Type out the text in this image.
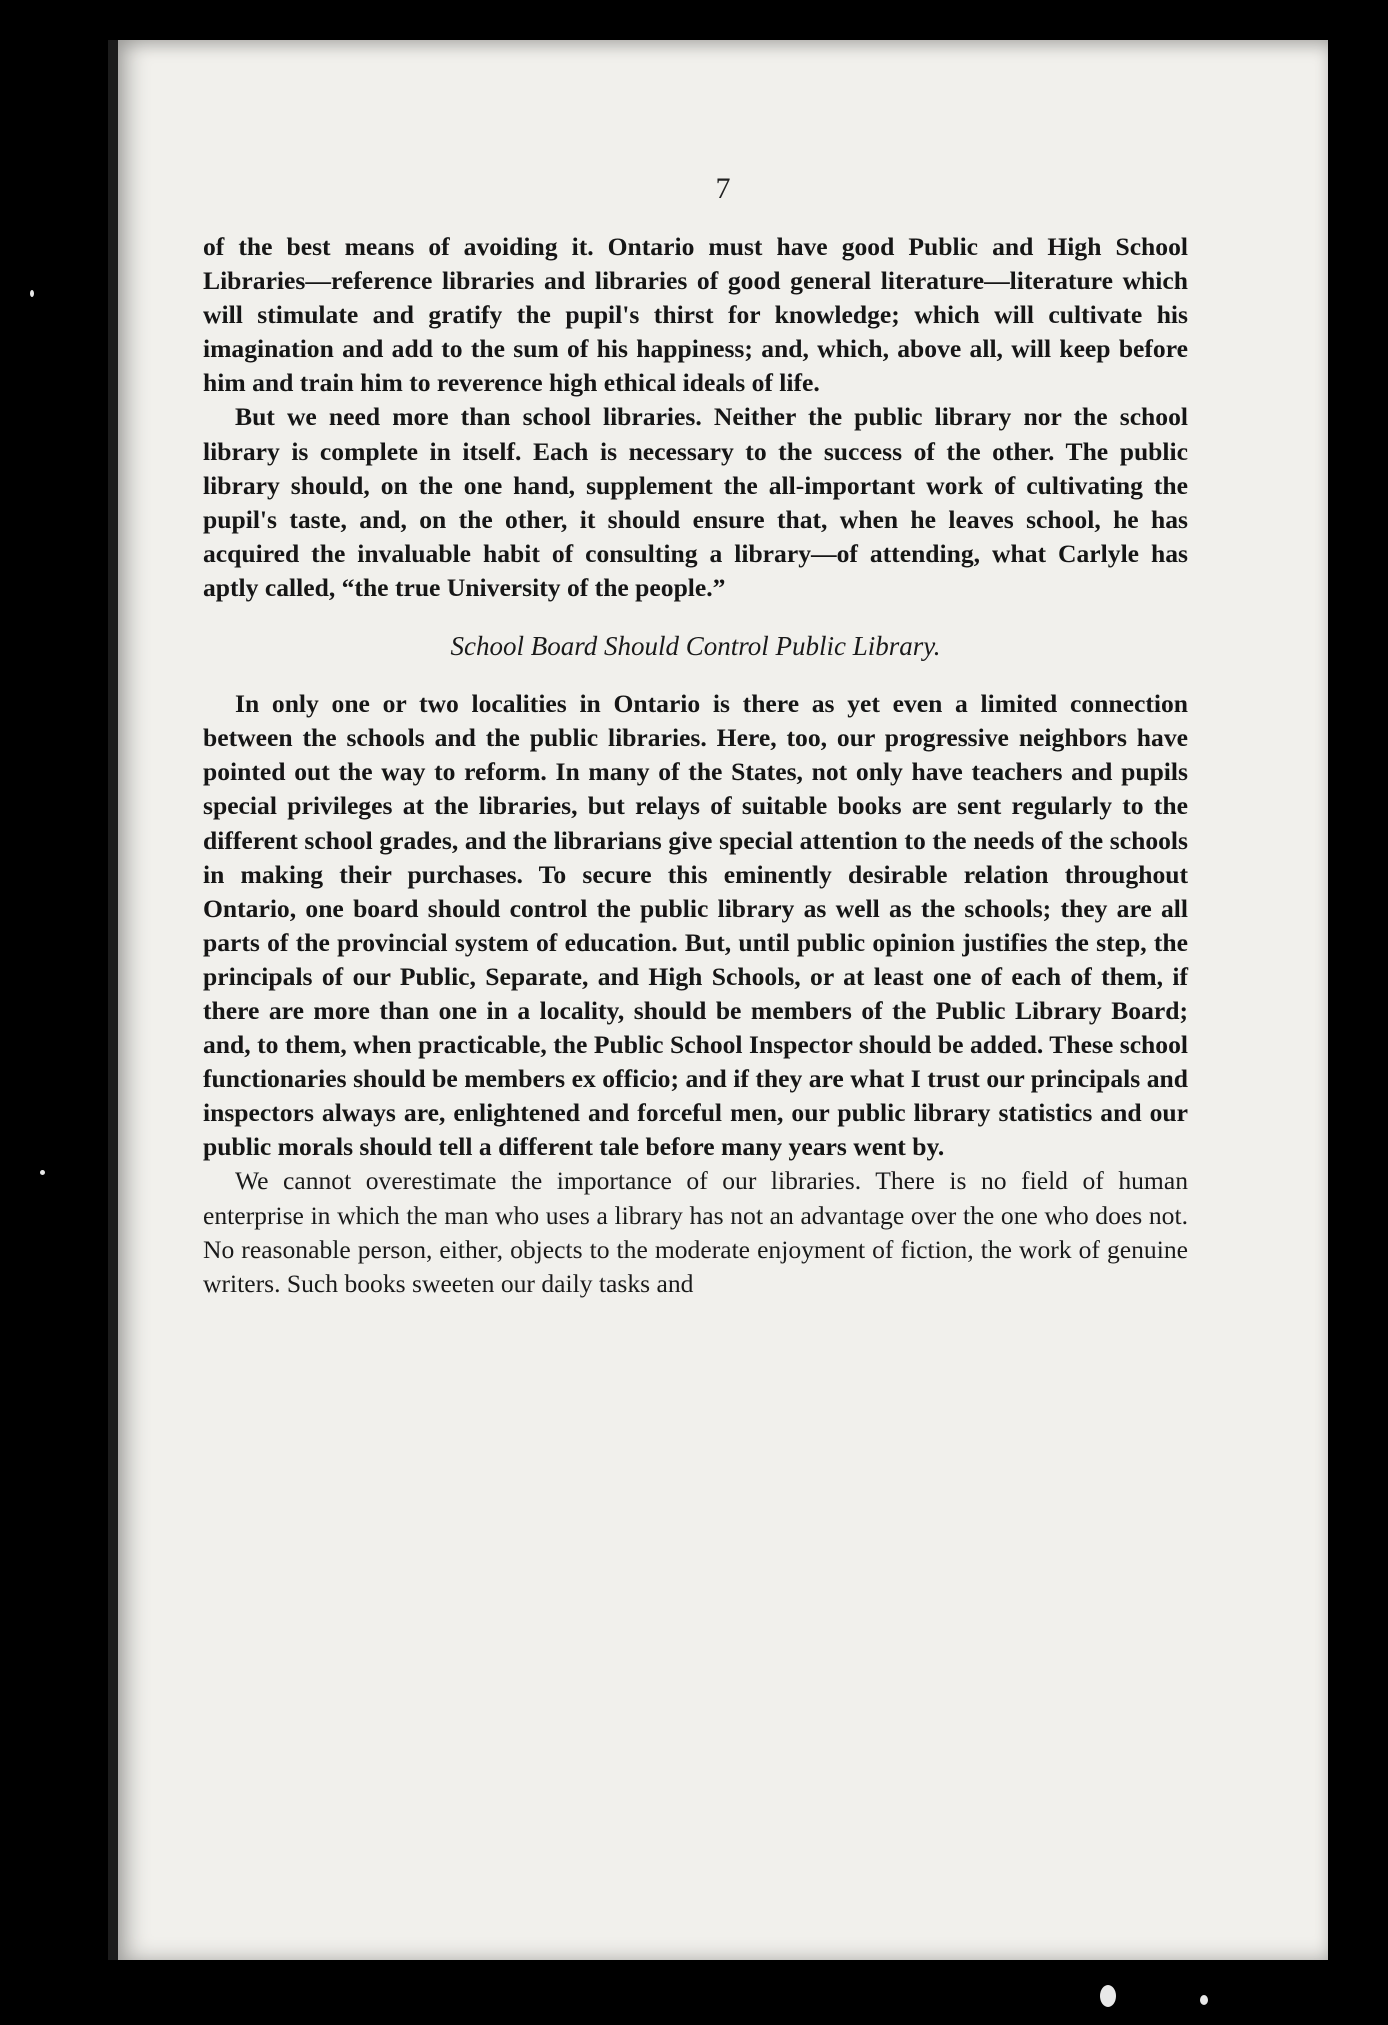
7

of the best means of avoiding it. Ontario must have good Public and High School Libraries—reference libraries and libraries of good general literature—literature which will stimulate and gratify the pupil's thirst for knowledge; which will cultivate his imagination and add to the sum of his happiness; and, which, above all, will keep before him and train him to reverence high ethical ideals of life.

But we need more than school libraries. Neither the public library nor the school library is complete in itself. Each is necessary to the success of the other. The public library should, on the one hand, supplement the all-important work of cultivating the pupil's taste, and, on the other, it should ensure that, when he leaves school, he has acquired the invaluable habit of consulting a library—of attending, what Carlyle has aptly called, “the true University of the people.”

School Board Should Control Public Library.

In only one or two localities in Ontario is there as yet even a limited connection between the schools and the public libraries. Here, too, our progressive neighbors have pointed out the way to reform. In many of the States, not only have teachers and pupils special privileges at the libraries, but relays of suitable books are sent regularly to the different school grades, and the librarians give special attention to the needs of the schools in making their purchases. To secure this eminently desirable relation throughout Ontario, one board should control the public library as well as the schools; they are all parts of the provincial system of education. But, until public opinion justifies the step, the principals of our Public, Separate, and High Schools, or at least one of each of them, if there are more than one in a locality, should be members of the Public Library Board; and, to them, when practicable, the Public School Inspector should be added. These school functionaries should be members ex officio; and if they are what I trust our principals and inspectors always are, enlightened and forceful men, our public library statistics and our public morals should tell a different tale before many years went by.

We cannot overestimate the importance of our libraries. There is no field of human enterprise in which the man who uses a library has not an advantage over the one who does not. No reasonable person, either, objects to the moderate enjoyment of fiction, the work of genuine writers. Such books sweeten our daily tasks and
